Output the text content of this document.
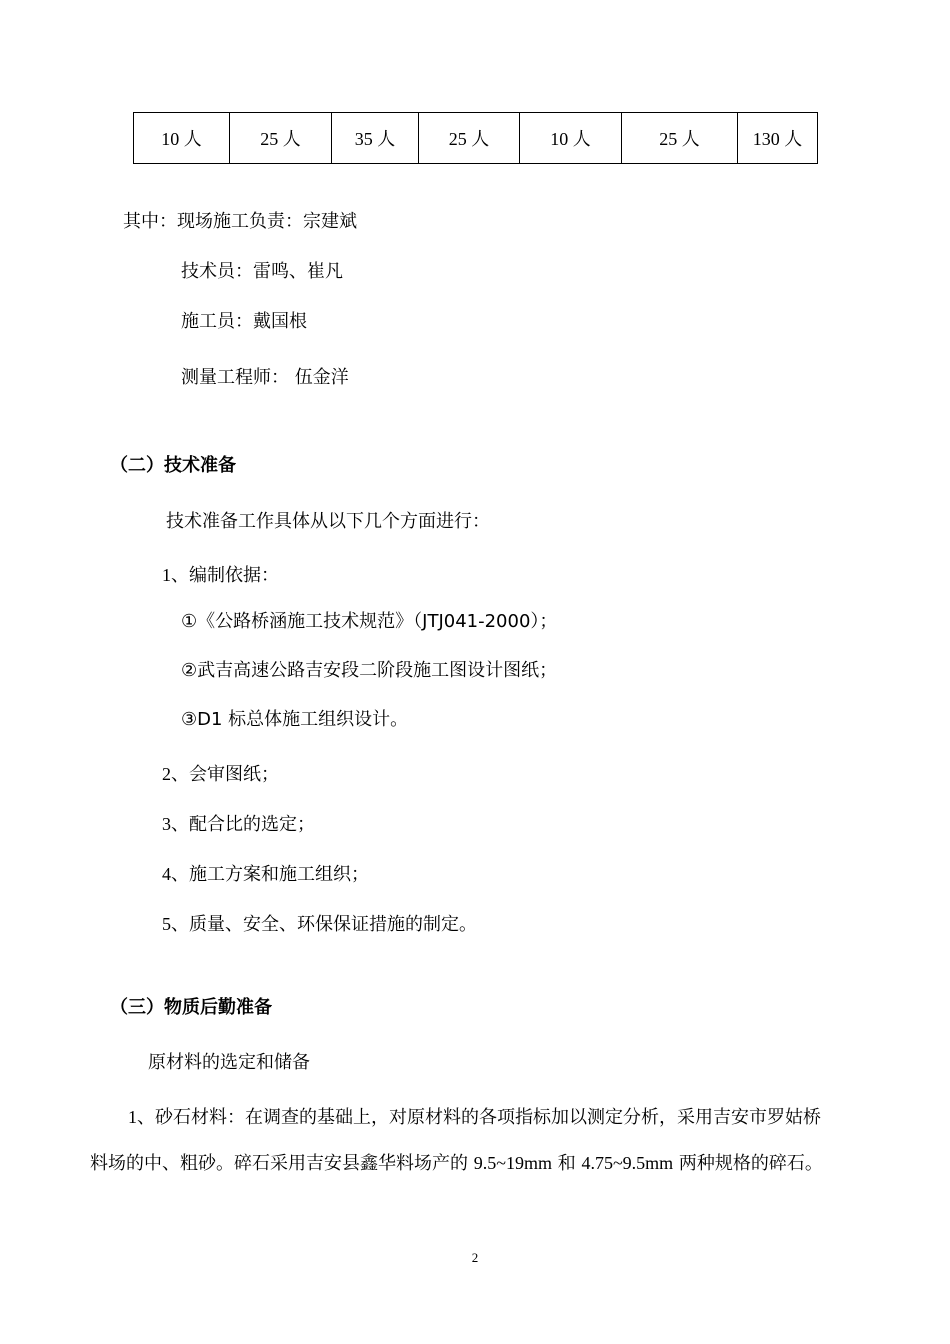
10 人	25 人	35 人	25 人	10 人	25 人	130 人
其中：现场施工负责：宗建斌
技术员：雷鸣、崔凡
施工员：戴国根
测量工程师： 伍金洋
（二）技术准备
技术准备工作具体从以下几个方面进行：
1、编制依据：
①《公路桥涵施工技术规范》（JTJ041-2000）；
②武吉高速公路吉安段二阶段施工图设计图纸；
③D1 标总体施工组织设计。
2、会审图纸；
3、配合比的选定；
4、施工方案和施工组织；
5、质量、安全、环保保证措施的制定。
（三）物质后勤准备
原材料的选定和储备
1、砂石材料：在调查的基础上，对原材料的各项指标加以测定分析，采用吉安市罗姑桥
料场的中、粗砂。碎石采用吉安县鑫华料场产的 9.5~19mm 和 4.75~9.5mm 两种规格的碎石。
2
